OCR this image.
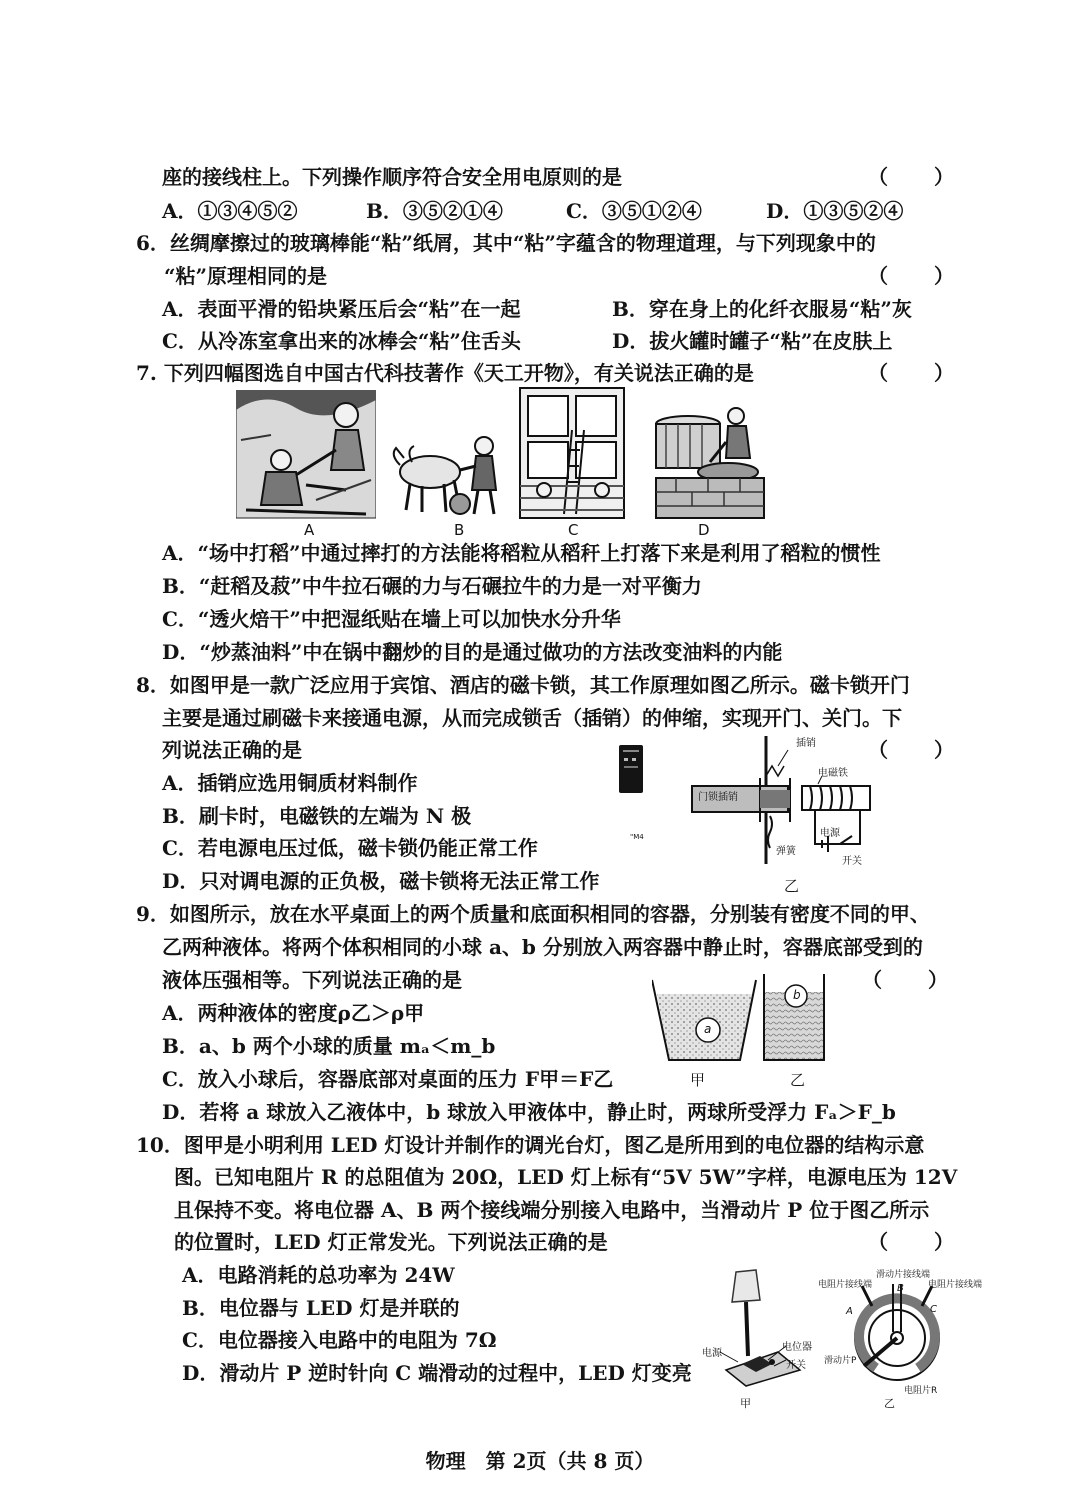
座的接线柱上。下列操作顺序符合安全用电原则的是	（　　）
A．①③④⑤②	B．③⑤②①④	C．③⑤①②④	D．①③⑤②④
6．丝绸摩擦过的玻璃棒能“粘”纸屑，其中“粘”字蕴含的物理道理，与下列现象中的
“粘”原理相同的是	（　　）
A．表面平滑的铅块紧压后会“粘”在一起	B．穿在身上的化纤衣服易“粘”灰
C．从冷冻室拿出来的冰棒会“粘”住舌头	D．拔火罐时罐子“粘”在皮肤上
7. 下列四幅图选自中国古代科技著作《天工开物》，有关说法正确的是	（　　）
A	B	C	D
A．“场中打稻”中通过摔打的方法能将稻粒从稻秆上打落下来是利用了稻粒的惯性
B．“赶稻及菽”中牛拉石碾的力与石碾拉牛的力是一对平衡力
C．“透火焙干”中把湿纸贴在墙上可以加快水分升华
D．“炒蒸油料”中在锅中翻炒的目的是通过做功的方法改变油料的内能
8．如图甲是一款广泛应用于宾馆、酒店的磁卡锁，其工作原理如图乙所示。磁卡锁开门
主要是通过刷磁卡来接通电源，从而完成锁舌（插销）的伸缩，实现开门、关门。下
列说法正确的是	（　　）
A．插销应选用铜质材料制作
B．刷卡时，电磁铁的左端为 N 极
C．若电源电压过低，磁卡锁仍能正常工作
D．只对调电源的正负极，磁卡锁将无法正常工作
"M4
插销
电磁铁
门锁插销
电源
弹簧
开关
乙
9．如图所示，放在水平桌面上的两个质量和底面积相同的容器，分别装有密度不同的甲、
乙两种液体。将两个体积相同的小球 a、b 分别放入两容器中静止时，容器底部受到的
液体压强相等。下列说法正确的是	（　　）
A．两种液体的密度ρ乙＞ρ甲
B．a、b 两个小球的质量 mₐ＜m_b
C．放入小球后，容器底部对桌面的压力 F甲＝F乙
D．若将 a 球放入乙液体中，b 球放入甲液体中，静止时，两球所受浮力 Fₐ＞F_b
a
b
甲	乙
10．图甲是小明利用 LED 灯设计并制作的调光台灯，图乙是所用到的电位器的结构示意
图。已知电阻片 R 的总阻值为 20Ω，LED 灯上标有“5V 5W”字样，电源电压为 12V
且保持不变。将电位器 A、B 两个接线端分别接入电路中，当滑动片 P 位于图乙所示
的位置时，LED 灯正常发光。下列说法正确的是	（　　）
A．电路消耗的总功率为 24W
B．电位器与 LED 灯是并联的
C．电位器接入电路中的电阻为 7Ω
D．滑动片 P 逆时针向 C 端滑动的过程中，LED 灯变亮
电源
电位器
开关
甲
滑动片接线端
B
电阻片接线端	电阻片接线端
A	C
滑动片P
电阻片R
乙
物理　第 2页（共 8 页）
